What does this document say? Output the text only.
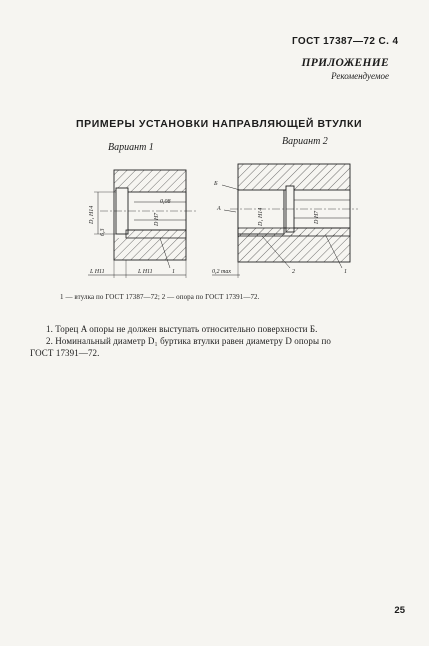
ГОСТ 17387—72 С. 4
ПРИЛОЖЕНИЕ
Рекомендуемое
ПРИМЕРЫ УСТАНОВКИ НАПРАВЛЯЮЩЕЙ ВТУЛКИ
Вариант 1
Вариант 2
D₁ H14	D H7
0,08
6,3
L H11	L H11	1
Б
A	D₁ H14	D H7
0,2 max	2	1
1 — втулка по ГОСТ 17387—72; 2 — опора по ГОСТ 17391—72.
1. Торец A опоры не должен выступать относительно поверхности Б.
2. Номинальный диаметр D₁ буртика втулки равен диаметру D опоры по
ГОСТ 17391—72.
25
